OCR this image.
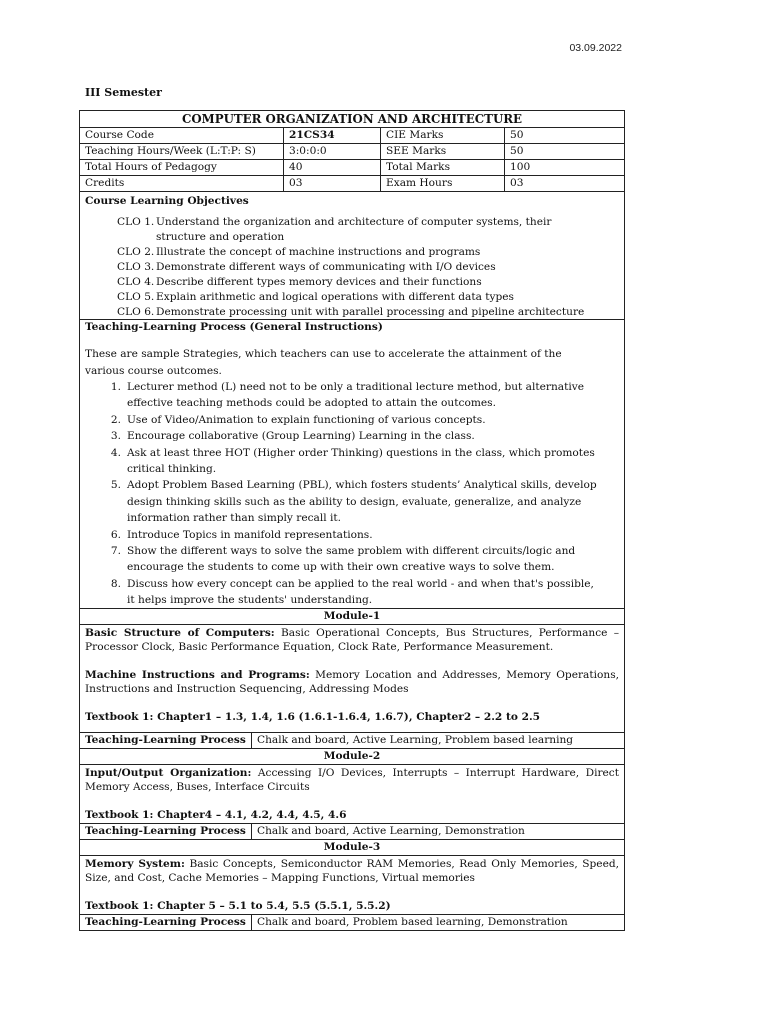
03.09.2022
III Semester
COMPUTER ORGANIZATION AND ARCHITECTURE
Course Code	21CS34	CIE Marks	50
Teaching Hours/Week (L:T:P: S)	3:0:0:0	SEE Marks	50
Total Hours of Pedagogy	40	Total Marks	100
Credits	03	Exam Hours	03
Course Learning Objectives
CLO 1. Understand the organization and architecture of computer systems, their structure and operation
CLO 2. Illustrate the concept of machine instructions and programs
CLO 3. Demonstrate different ways of communicating with I/O devices
CLO 4. Describe different types memory devices and their functions
CLO 5. Explain arithmetic and logical operations with different data types
CLO 6. Demonstrate processing unit with parallel processing and pipeline architecture
Teaching-Learning Process (General Instructions)
These are sample Strategies, which teachers can use to accelerate the attainment of the various course outcomes.
1. Lecturer method (L) need not to be only a traditional lecture method, but alternative effective teaching methods could be adopted to attain the outcomes.
2. Use of Video/Animation to explain functioning of various concepts.
3. Encourage collaborative (Group Learning) Learning in the class.
4. Ask at least three HOT (Higher order Thinking) questions in the class, which promotes critical thinking.
5. Adopt Problem Based Learning (PBL), which fosters students’ Analytical skills, develop design thinking skills such as the ability to design, evaluate, generalize, and analyze information rather than simply recall it.
6. Introduce Topics in manifold representations.
7. Show the different ways to solve the same problem with different circuits/logic and encourage the students to come up with their own creative ways to solve them.
8. Discuss how every concept can be applied to the real world - and when that's possible, it helps improve the students' understanding.
Module-1
Basic Structure of Computers: Basic Operational Concepts, Bus Structures, Performance – Processor Clock, Basic Performance Equation, Clock Rate, Performance Measurement.
Machine Instructions and Programs: Memory Location and Addresses, Memory Operations, Instructions and Instruction Sequencing, Addressing Modes
Textbook 1: Chapter1 – 1.3, 1.4, 1.6 (1.6.1-1.6.4, 1.6.7), Chapter2 – 2.2 to 2.5
Teaching-Learning Process	Chalk and board, Active Learning, Problem based learning
Module-2
Input/Output Organization: Accessing I/O Devices, Interrupts – Interrupt Hardware, Direct Memory Access, Buses, Interface Circuits
Textbook 1: Chapter4 – 4.1, 4.2, 4.4, 4.5, 4.6
Teaching-Learning Process	Chalk and board, Active Learning, Demonstration
Module-3
Memory System: Basic Concepts, Semiconductor RAM Memories, Read Only Memories, Speed, Size, and Cost, Cache Memories – Mapping Functions, Virtual memories
Textbook 1: Chapter 5 – 5.1 to 5.4, 5.5 (5.5.1, 5.5.2)
Teaching-Learning Process	Chalk and board, Problem based learning, Demonstration
